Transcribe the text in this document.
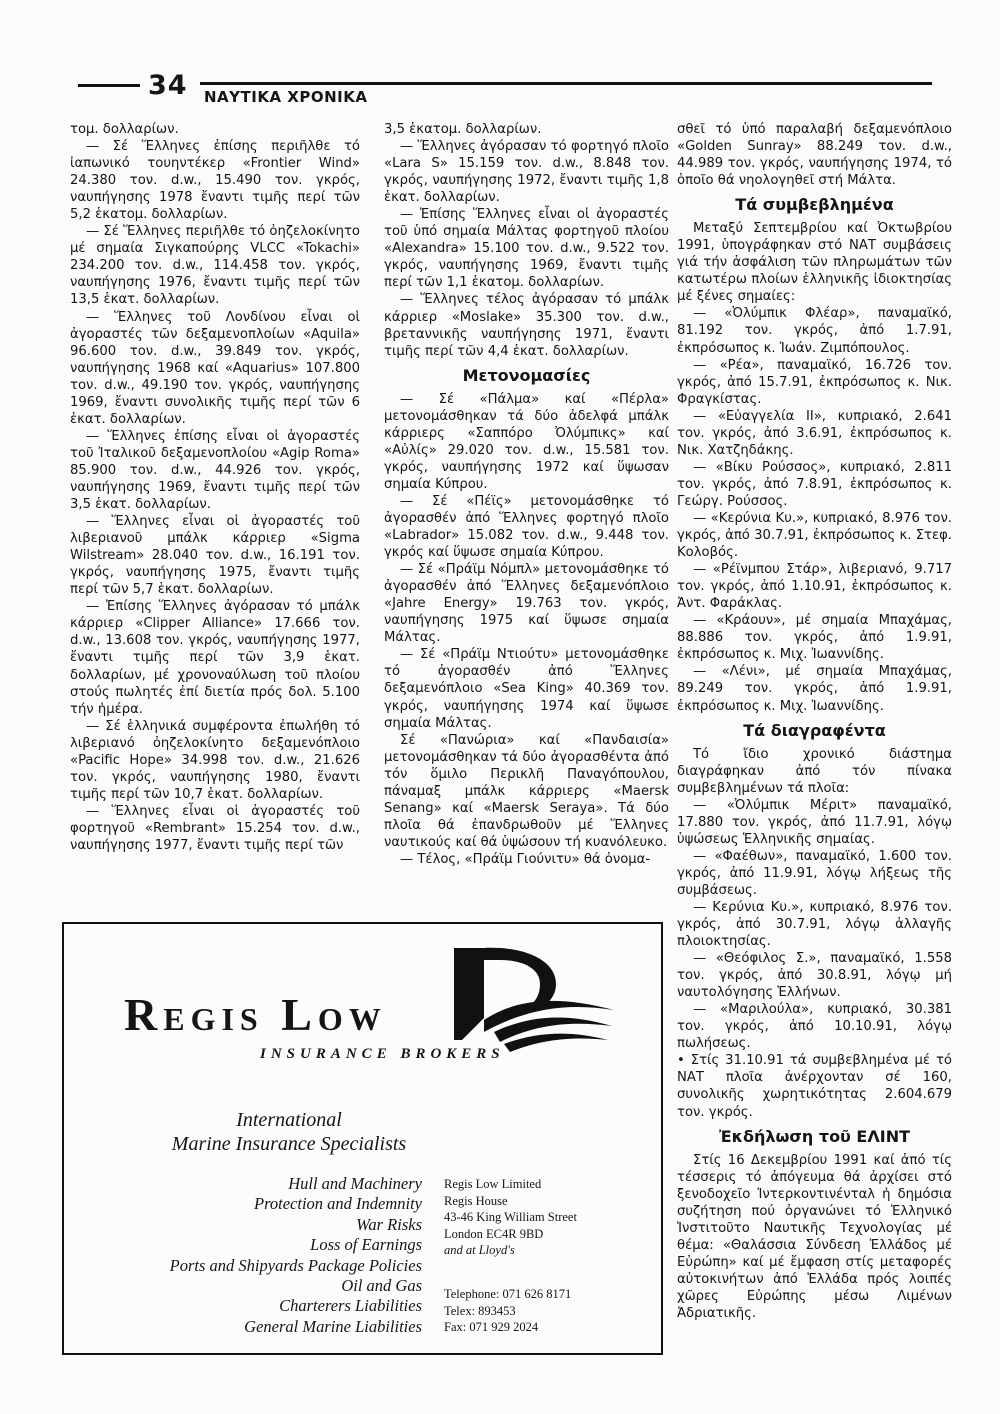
34 ΝΑΥΤΙΚΑ ΧΡΟΝΙΚΑ

τομ. δολλαρίων.

— Σέ Ἕλληνες ἐπίσης περιῆλθε τό ἰαπωνικό τουηντέκερ «Frontier Wind» 24.380 τον. d.w., 15.490 τον. γκρός, ναυπήγησης 1978 ἔναντι τιμῆς περί τῶν 5,2 ἑκατομ. δολλαρίων.

— Σέ Ἕλληνες περιῆλθε τό ὀηζελοκίνητο μέ σημαία Σιγκαπούρης VLCC «Tokachi» 234.200 τον. d.w., 114.458 τον. γκρός, ναυπήγησης 1976, ἔναντι τιμῆς περί τῶν 13,5 ἑκατ. δολλαρίων.

— Ἕλληνες τοῦ Λονδίνου εἶναι οἱ ἀγοραστές τῶν δεξαμενοπλοίων «Aquila» 96.600 τον. d.w., 39.849 τον. γκρός, ναυπήγησης 1968 καί «Aquarius» 107.800 τον. d.w., 49.190 τον. γκρός, ναυπήγησης 1969, ἔναντι συνολικῆς τιμῆς περί τῶν 6 ἑκατ. δολλαρίων.

— Ἕλληνες ἐπίσης εἶναι οἱ ἀγοραστές τοῦ Ἰταλικοῦ δεξαμενοπλοίου «Agip Roma» 85.900 τον. d.w., 44.926 τον. γκρός, ναυπήγησης 1969, ἔναντι τιμῆς περί τῶν 3,5 ἑκατ. δολλαρίων.

— Ἕλληνες εἶναι οἱ ἀγοραστές τοῦ λιβεριανοῦ μπάλκ κάρριερ «Sigma Wilstream» 28.040 τον. d.w., 16.191 τον. γκρός, ναυπήγησης 1975, ἔναντι τιμῆς περί τῶν 5,7 ἑκατ. δολλαρίων.

— Ἐπίσης Ἕλληνες ἀγόρασαν τό μπάλκ κάρριερ «Clipper Alliance» 17.666 τον. d.w., 13.608 τον. γκρός, ναυπήγησης 1977, ἔναντι τιμῆς περί τῶν 3,9 ἑκατ. δολλαρίων, μέ χρονοναύλωση τοῦ πλοίου στούς πωλητές ἐπί διετία πρός δολ. 5.100 τήν ἡμέρα.

— Σέ ἑλληνικά συμφέροντα ἐπωλήθη τό λιβεριανό ὀηζελοκίνητο δεξαμενόπλοιο «Pacific Hope» 34.998 τον. d.w., 21.626 τον. γκρός, ναυπήγησης 1980, ἔναντι τιμῆς περί τῶν 10,7 ἑκατ. δολλαρίων.

— Ἕλληνες εἶναι οἱ ἀγοραστές τοῦ φορτηγοῦ «Rembrant» 15.254 τον. d.w., ναυπήγησης 1977, ἔναντι τιμῆς περί τῶν

3,5 ἑκατομ. δολλαρίων.

— Ἕλληνες ἀγόρασαν τό φορτηγό πλοῖο «Lara S» 15.159 τον. d.w., 8.848 τον. γκρός, ναυπήγησης 1972, ἔναντι τιμῆς 1,8 ἑκατ. δολλαρίων.

— Ἐπίσης Ἕλληνες εἶναι οἱ ἀγοραστές τοῦ ὑπό σημαία Μάλτας φορτηγοῦ πλοίου «Alexandra» 15.100 τον. d.w., 9.522 τον. γκρός, ναυπήγησης 1969, ἔναντι τιμῆς περί τῶν 1,1 ἑκατομ. δολλαρίων.

— Ἕλληνες τέλος ἀγόρασαν τό μπάλκ κάρριερ «Moslake» 35.300 τον. d.w., βρεταννικῆς ναυπήγησης 1971, ἔναντι τιμῆς περί τῶν 4,4 ἑκατ. δολλαρίων.

Μετονομασίες

— Σέ «Πάλμα» καί «Πέρλα» μετονομάσθηκαν τά δύο ἀδελφά μπάλκ κάρριερς «Σαππόρο Ὀλύμπικς» καί «Αὐλίς» 29.020 τον. d.w., 15.581 τον. γκρός, ναυπήγησης 1972 καί ὕψωσαν σημαία Κύπρου.

— Σέ «Πέϊς» μετονομάσθηκε τό ἀγορασθέν ἀπό Ἕλληνες φορτηγό πλοῖο «Labrador» 15.082 τον. d.w., 9.448 τον. γκρός καί ὕψωσε σημαία Κύπρου.

— Σέ «Πράϊμ Νόμπλ» μετονομάσθηκε τό ἀγορασθέν ἀπό Ἕλληνες δεξαμενόπλοιο «Jahre Energy» 19.763 τον. γκρός, ναυπήγησης 1975 καί ὕψωσε σημαία Μάλτας.

— Σέ «Πράϊμ Ντιούτυ» μετονομάσθηκε τό ἀγορασθέν ἀπό Ἕλληνες δεξαμενόπλοιο «Sea King» 40.369 τον. γκρός, ναυπήγησης 1974 καί ὕψωσε σημαία Μάλτας.

Σέ «Πανώρια» καί «Πανδαισία» μετονομάσθηκαν τά δύο ἀγορασθέντα ἀπό τόν ὅμιλο Περικλῆ Παναγόπουλου, πάναμαξ μπάλκ κάρριερς «Maersk Senang» καί «Maersk Seraya». Τά δύο πλοῖα θά ἐπανδρωθοῦν μέ Ἕλληνες ναυτικούς καί θά ὑψώσουν τή κυανόλευκο.

— Τέλος, «Πράϊμ Γιούνιτυ» θά ὀνομα-

σθεῖ τό ὑπό παραλαβή δεξαμενόπλοιο «Golden Sunray» 88.249 τον. d.w., 44.989 τον. γκρός, ναυπήγησης 1974, τό ὁποῖο θά νηολογηθεῖ στή Μάλτα.

Τά συμβεβλημένα

Μεταξύ Σεπτεμβρίου καί Ὀκτωβρίου 1991, ὑπογράφηκαν στό ΝΑΤ συμβάσεις γιά τήν ἀσφάλιση τῶν πληρωμάτων τῶν κατωτέρω πλοίων ἑλληνικῆς ἰδιοκτησίας μέ ξένες σημαίες:

— «Ὀλύμπικ Φλέαρ», παναμαϊκό, 81.192 τον. γκρός, ἀπό 1.7.91, ἐκπρόσωπος κ. Ἰωάν. Ζιμπόπουλος.

— «Ρέα», παναμαϊκό, 16.726 τον. γκρός, ἀπό 15.7.91, ἐκπρόσωπος κ. Νικ. Φραγκίστας.

— «Εὐαγγελία II», κυπριακό, 2.641 τον. γκρός, ἀπό 3.6.91, ἐκπρόσωπος κ. Νικ. Χατζηδάκης.

— «Βίκυ Ρούσσος», κυπριακό, 2.811 τον. γκρός, ἀπό 7.8.91, ἐκπρόσωπος κ. Γεώργ. Ρούσσος.

— «Κερύνια Κυ.», κυπριακό, 8.976 τον. γκρός, ἀπό 30.7.91, ἐκπρόσωπος κ. Στεφ. Κολοβός.

— «Ρέϊνμπου Στάρ», λιβεριανό, 9.717 τον. γκρός, ἀπό 1.10.91, ἐκπρόσωπος κ. Ἀντ. Φαράκλας.

— «Κράουν», μέ σημαία Μπαχάμας, 88.886 τον. γκρός, ἀπό 1.9.91, ἐκπρόσωπος κ. Μιχ. Ἰωαννίδης.

— «Λένι», μέ σημαία Μπαχάμας, 89.249 τον. γκρός, ἀπό 1.9.91, ἐκπρόσωπος κ. Μιχ. Ἰωαννίδης.

Τά διαγραφέντα

Τό ἴδιο χρονικό διάστημα διαγράφηκαν ἀπό τόν πίνακα συμβεβλημένων τά πλοῖα:

— «Ὀλύμπικ Μέριτ» παναμαϊκό, 17.880 τον. γκρός, ἀπό 11.7.91, λόγῳ ὑψώσεως Ἑλληνικῆς σημαίας.

— «Φαέθων», παναμαϊκό, 1.600 τον. γκρός, ἀπό 11.9.91, λόγῳ λήξεως τῆς συμβάσεως.

— Κερύνια Κυ.», κυπριακό, 8.976 τον. γκρός, ἀπό 30.7.91, λόγῳ ἀλλαγῆς πλοιοκτησίας.

— «Θεόφιλος Σ.», παναμαϊκό, 1.558 τον. γκρός, ἀπό 30.8.91, λόγῳ μή ναυτολόγησης Ἑλλήνων.

— «Μαριλούλα», κυπριακό, 30.381 τον. γκρός, ἀπό 10.10.91, λόγῳ πωλήσεως.

• Στίς 31.10.91 τά συμβεβλημένα μέ τό ΝΑΤ πλοῖα ἀνέρχονταν σέ 160, συνολικῆς χωρητικότητας 2.604.679 τον. γκρός.

Ἐκδήλωση τοῦ ΕΛΙΝΤ

Στίς 16 Δεκεμβρίου 1991 καί ἀπό τίς τέσσερις τό ἀπόγευμα θά ἀρχίσει στό ξενοδοχεῖο Ἰντερκοντινένταλ ἡ δημόσια συζήτηση πού ὀργανώνει τό Ἑλληνικό Ἰνστιτοῦτο Ναυτικῆς Τεχνολογίας μέ θέμα: «Θαλάσσια Σύνδεση Ἑλλάδος μέ Εὐρώπη» καί μέ ἔμφαση στίς μεταφορές αὐτοκινήτων ἀπό Ἑλλάδα πρός λοιπές χῶρες Εὐρώπης μέσω Λιμένων Ἀδριατικῆς.

Regis Low
INSURANCE BROKERS
International
Marine Insurance Specialists
Hull and Machinery
Protection and Indemnity
War Risks
Loss of Earnings
Ports and Shipyards Package Policies
Oil and Gas
Charterers Liabilities
General Marine Liabilities
Regis Low Limited
Regis House
43-46 King William Street
London EC4R 9BD
and at Lloyd's
Telephone: 071 626 8171
Telex: 893453
Fax: 071 929 2024
